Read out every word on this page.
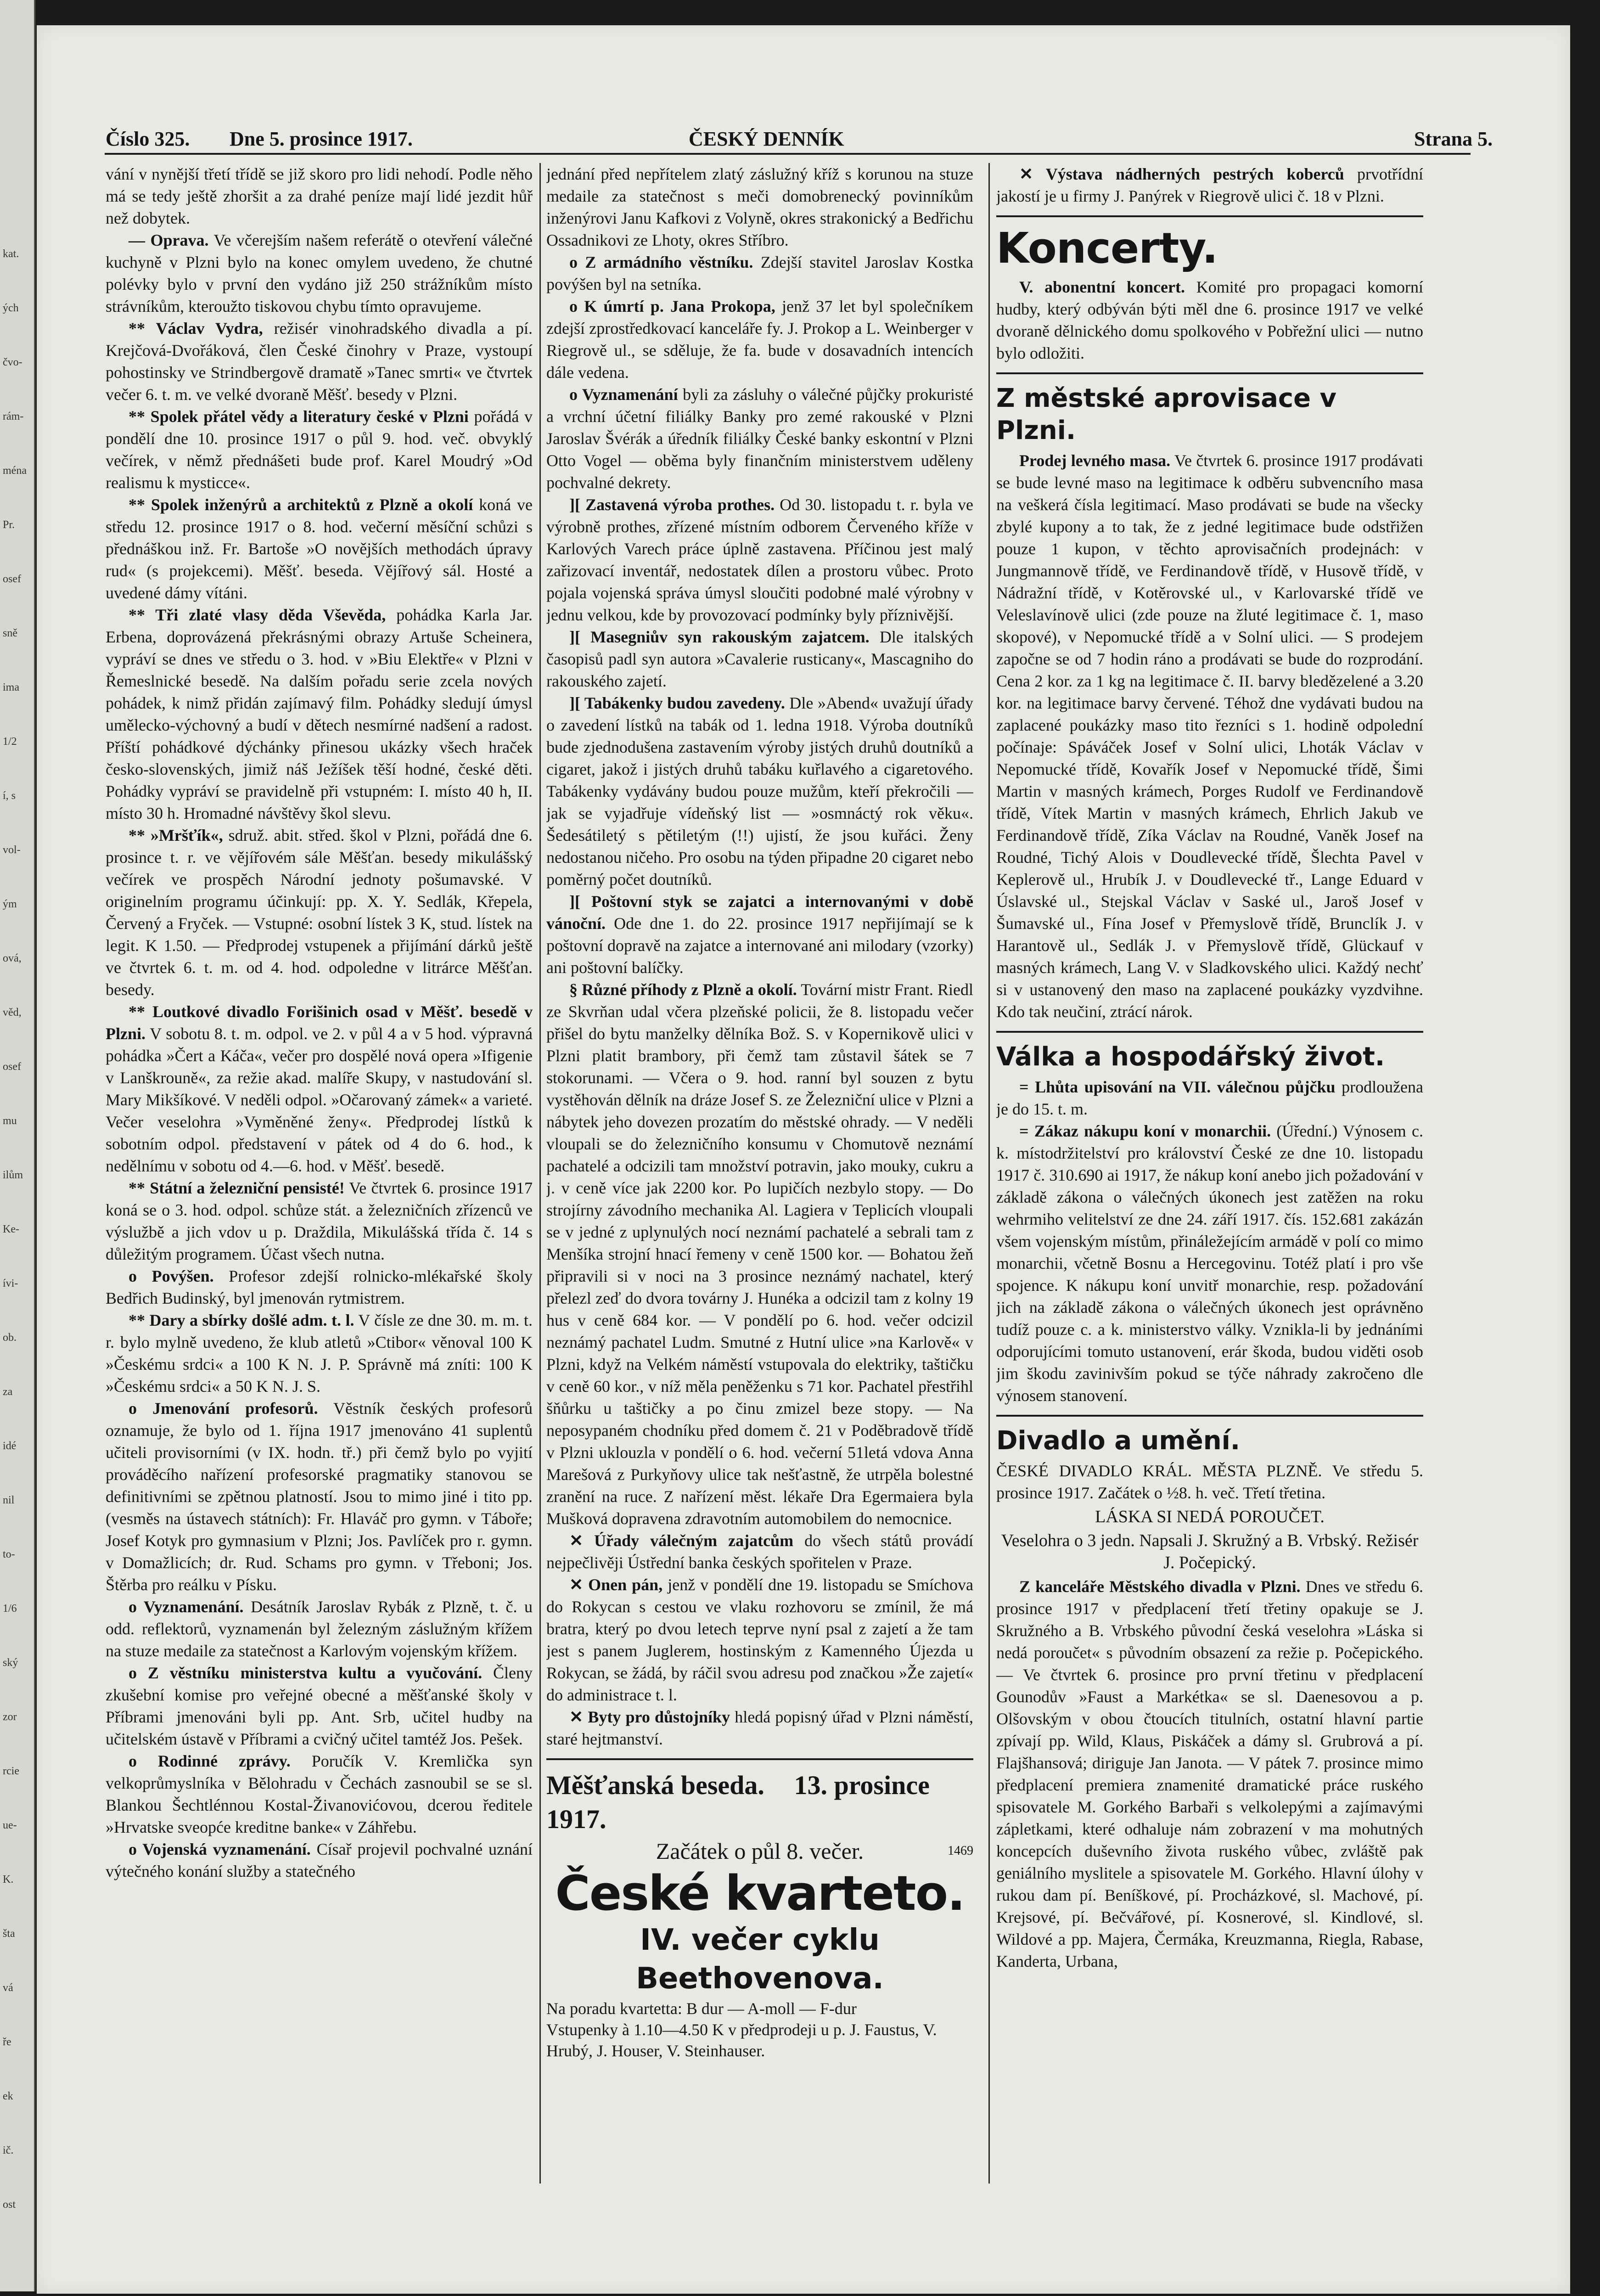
kat.
ých
čvo-
rám-
ména
Pr.
osef
sně
ima
1/2
í, s
vol-
ým
ová,
věd,
osef
mu
ilům
Ke-
ívi-
ob.
za
idé
nil
to-
1/6
ský
zor
rcie
ue-
K.
šta
vá
ře
ek
ič.
ost
Číslo 325. Dne 5. prosince 1917.	ČESKÝ DENNÍK	Strana 5.

vání v nynější třetí třídě se již skoro pro lidi nehodí. Podle něho má se tedy ještě zhoršit a za drahé peníze mají lidé jezdit hůř než dobytek.

— Oprava. Ve včerejším našem referátě o otevření válečné kuchyně v Plzni bylo na konec omylem uvedeno, že chutné polévky bylo v první den vydáno již 250 strážníkům místo strávníkům, kteroužto tiskovou chybu tímto opravujeme.

** Václav Vydra, režisér vinohradského divadla a pí. Krejčová-Dvořáková, člen České činohry v Praze, vystoupí pohostinsky ve Strindbergově dramatě »Tanec smrti« ve čtvrtek večer 6. t. m. ve velké dvoraně Měšť. besedy v Plzni.

** Spolek přátel vědy a literatury české v Plzni pořádá v pondělí dne 10. prosince 1917 o půl 9. hod. več. obvyklý večírek, v němž přednášeti bude prof. Karel Moudrý »Od realismu k mysticce«.

** Spolek inženýrů a architektů z Plzně a okolí koná ve středu 12. prosince 1917 o 8. hod. večerní měsíční schůzi s přednáškou inž. Fr. Bartoše »O novějších methodách úpravy rud« (s projekcemi). Měšť. beseda. Vějířový sál. Hosté a uvedené dámy vítáni.

** Tři zlaté vlasy děda Vševěda, pohádka Karla Jar. Erbena, doprovázená překrásnými obrazy Artuše Scheinera, vypráví se dnes ve středu o 3. hod. v »Biu Elektře« v Plzni v Řemeslnické besedě. Na dalším pořadu serie zcela nových pohádek, k nimž přidán zajímavý film. Pohádky sledují úmysl umělecko-výchovný a budí v dětech nesmírné nadšení a radost. Příští pohádkové dýchánky přinesou ukázky všech hraček česko-slovenských, jimiž náš Ježíšek těší hodné, české děti. Pohádky vypráví se pravidelně při vstupném: I. místo 40 h, II. místo 30 h. Hromadné návštěvy škol slevu.

** »Mršťík«, sdruž. abit. střed. škol v Plzni, pořádá dne 6. prosince t. r. ve vějířovém sále Měšťan. besedy mikulášský večírek ve prospěch Národní jednoty pošumavské. V originelním programu účinkují: pp. X. Y. Sedlák, Křepela, Červený a Fryček. — Vstupné: osobní lístek 3 K, stud. lístek na legit. K 1.50. — Předprodej vstupenek a přijímání dárků ještě ve čtvrtek 6. t. m. od 4. hod. odpoledne v litrárce Měšťan. besedy.

** Loutkové divadlo Forišinich osad v Měšť. besedě v Plzni. V sobotu 8. t. m. odpol. ve 2. v půl 4 a v 5 hod. výpravná pohádka »Čert a Káča«, večer pro dospělé nová opera »Ifigenie v Lanškrouně«, za režie akad. malíře Skupy, v nastudování sl. Mary Mikšíkové. V neděli odpol. »Očarovaný zámek« a varieté. Večer veselohra »Vyměněné ženy«. Předprodej lístků k sobotním odpol. představení v pátek od 4 do 6. hod., k nedělnímu v sobotu od 4.—6. hod. v Měšť. besedě.

** Státní a železniční pensisté! Ve čtvrtek 6. prosince 1917 koná se o 3. hod. odpol. schůze stát. a železničních zřízenců ve výslužbě a jich vdov u p. Draždila, Mikulášská třída č. 14 s důležitým programem. Účast všech nutna.

o Povýšen. Profesor zdejší rolnicko-mlékařské školy Bedřich Budinský, byl jmenován rytmistrem.

** Dary a sbírky došlé adm. t. l. V čísle ze dne 30. m. m. t. r. bylo mylně uvedeno, že klub atletů »Ctibor« věnoval 100 K »Českému srdci« a 100 K N. J. P. Správně má zníti: 100 K »Českému srdci« a 50 K N. J. S.

o Jmenování profesorů. Věstník českých profesorů oznamuje, že bylo od 1. října 1917 jmenováno 41 suplentů učiteli provisorními (v IX. hodn. tř.) při čemž bylo po vyjití prováděcího nařízení profesorské pragmatiky stanovou se definitivními se zpětnou platností. Jsou to mimo jiné i tito pp. (vesměs na ústavech státních): Fr. Hlaváč pro gymn. v Táboře; Josef Kotyk pro gymnasium v Plzni; Jos. Pavlíček pro r. gymn. v Domažlicích; dr. Rud. Schams pro gymn. v Třeboni; Jos. Štěrba pro reálku v Písku.

o Vyznamenání. Desátník Jaroslav Rybák z Plzně, t. č. u odd. reflektorů, vyznamenán byl železným záslužným křížem na stuze medaile za statečnost a Karlovým vojenským křížem.

o Z věstníku ministerstva kultu a vyučování. Členy zkušební komise pro veřejné obecné a měšťanské školy v Příbrami jmenováni byli pp. Ant. Srb, učitel hudby na učitelském ústavě v Příbrami a cvičný učitel tamtéž Jos. Pešek.

o Rodinné zprávy. Poručík V. Kremlička syn velkoprůmyslníka v Bělohradu v Čechách zasnoubil se se sl. Blankou Šechtlénnou Kostal-Živanovićovou, dcerou ředitele »Hrvatske sveopće kreditne banke« v Záhřebu.

o Vojenská vyznamenání. Císař projevil pochvalné uznání výtečného konání služby a statečného

jednání před nepřítelem zlatý záslužný kříž s korunou na stuze medaile za statečnost s meči domobrenecký povinníkům inženýrovi Janu Kafkovi z Volyně, okres strakonický a Bedřichu Ossadnikovi ze Lhoty, okres Stříbro.

o Z armádního věstníku. Zdejší stavitel Jaroslav Kostka povýšen byl na setníka.

o K úmrtí p. Jana Prokopa, jenž 37 let byl společníkem zdejší zprostředkovací kanceláře fy. J. Prokop a L. Weinberger v Riegrově ul., se sděluje, že fa. bude v dosavadních intencích dále vedena.

o Vyznamenání byli za zásluhy o válečné půjčky prokuristé a vrchní účetní filiálky Banky pro zemé rakouské v Plzni Jaroslav Švérák a úředník filiálky České banky eskontní v Plzni Otto Vogel — oběma byly finančním ministerstvem uděleny pochvalné dekrety.

][ Zastavená výroba prothes. Od 30. listopadu t. r. byla ve výrobně prothes, zřízené místním odborem Červeného kříže v Karlových Varech práce úplně zastavena. Příčinou jest malý zařizovací inventář, nedostatek dílen a prostoru vůbec. Proto pojala vojenská správa úmysl sloučiti podobné malé výrobny v jednu velkou, kde by provozovací podmínky byly příznivější.

][ Masegniův syn rakouským zajatcem. Dle italských časopisů padl syn autora »Cavalerie rusticany«, Mascagniho do rakouského zajetí.

][ Tabákenky budou zavedeny. Dle »Abend« uvažují úřady o zavedení lístků na tabák od 1. ledna 1918. Výroba doutníků bude zjednodušena zastavením výroby jistých druhů doutníků a cigaret, jakož i jistých druhů tabáku kuřlavého a cigaretového. Tabákenky vydávány budou pouze mužům, kteří překročili — jak se vyjadřuje vídeňský list — »osmnáctý rok věku«. Šedesátiletý s pětiletým (!!) ujistí, že jsou kuřáci. Ženy nedostanou ničeho. Pro osobu na týden připadne 20 cigaret nebo poměrný počet doutníků.

][ Poštovní styk se zajatci a internovanými v době vánoční. Ode dne 1. do 22. prosince 1917 nepřijímají se k poštovní dopravě na zajatce a internované ani milodary (vzorky) ani poštovní balíčky.

§ Různé příhody z Plzně a okolí. Tovární mistr Frant. Riedl ze Skvrňan udal včera plzeňské policii, že 8. listopadu večer přišel do bytu manželky dělníka Bož. S. v Kopernikově ulici v Plzni platit brambory, při čemž tam zůstavil šátek se 7 stokorunami. — Včera o 9. hod. ranní byl souzen z bytu vystěhován dělník na dráze Josef S. ze Železniční ulice v Plzni a nábytek jeho dovezen prozatím do městské ohrady. — V neděli vloupali se do železničního konsumu v Chomutově neznámí pachatelé a odcizili tam množství potravin, jako mouky, cukru a j. v ceně více jak 2200 kor. Po lupičích nezbylo stopy. — Do strojírny závodního mechanika Al. Lagiera v Teplicích vloupali se v jedné z uplynulých nocí neznámí pachatelé a sebrali tam z Menšíka strojní hnací řemeny v ceně 1500 kor. — Bohatou žeň připravili si v noci na 3 prosince neznámý nachatel, který přelezl zeď do dvora továrny J. Hunéka a odcizil tam z kolny 19 hus v ceně 684 kor. — V pondělí po 6. hod. večer odcizil neznámý pachatel Ludm. Smutné z Hutní ulice »na Karlově« v Plzni, když na Velkém náměstí vstupovala do elektriky, taštičku v ceně 60 kor., v níž měla peněženku s 71 kor. Pachatel přestřihl šňůrku u taštičky a po činu zmizel beze stopy. — Na neposypaném chodníku před domem č. 21 v Poděbradově třídě v Plzni uklouzla v pondělí o 6. hod. večerní 51letá vdova Anna Marešová z Purkyňovy ulice tak nešťastně, že utrpěla bolestné zranění na ruce. Z nařízení měst. lékaře Dra Egermaiera byla Mušková dopravena zdravotním automobilem do nemocnice.

✕ Úřady válečným zajatcům do všech států provádí nejpečlivěji Ústřední banka českých spořitelen v Praze.

✕ Onen pán, jenž v pondělí dne 19. listopadu se Smíchova do Rokycan s cestou ve vlaku rozhovoru se zmínil, že má bratra, který po dvou letech teprve nyní psal z zajetí a že tam jest s panem Juglerem, hostinským z Kamenného Újezda u Rokycan, se žádá, by ráčil svou adresu pod značkou »Že zajetí« do administrace t. l.

✕ Byty pro důstojníky hledá popisný úřad v Plzni náměstí, staré hejtmanství.

Měšťanská beseda. 13. prosince 1917.
Začátek o půl 8. večer.	1469
České kvarteto.
IV. večer cyklu Beethovenova.
Na poradu kvartetta: B dur — A-moll — F-dur
Vstupenky à 1.10—4.50 K v předprodeji u p. J. Faustus, V. Hrubý, J. Houser, V. Steinhauser.

✕ Výstava nádherných pestrých koberců prvotřídní jakostí je u firmy J. Panýrek v Riegrově ulici č. 18 v Plzni.

Koncerty.

V. abonentní koncert. Komité pro propagaci komorní hudby, který odbýván býti měl dne 6. prosince 1917 ve velké dvoraně dělnického domu spolkového v Pobřežní ulici — nutno bylo odložiti.

Z městské aprovisace v Plzni.

Prodej levného masa. Ve čtvrtek 6. prosince 1917 prodávati se bude levné maso na legitimace k odběru subvencního masa na veškerá čísla legitimací. Maso prodávati se bude na všecky zbylé kupony a to tak, že z jedné legitimace bude odstřižen pouze 1 kupon, v těchto aprovisačních prodejnách: v Jungmannově třídě, ve Ferdinandově třídě, v Husově třídě, v Nádražní třídě, v Kotěrovské ul., v Karlovarské třídě ve Veleslavínově ulici (zde pouze na žluté legitimace č. 1, maso skopové), v Nepomucké třídě a v Solní ulici. — S prodejem započne se od 7 hodin ráno a prodávati se bude do rozprodání. Cena 2 kor. za 1 kg na legitimace č. II. barvy bledězelené a 3.20 kor. na legitimace barvy červené. Téhož dne vydávati budou na zaplacené poukázky maso tito řezníci s 1. hodině odpolední počínaje: Spáváček Josef v Solní ulici, Lhoták Václav v Nepomucké třídě, Kovařík Josef v Nepomucké třídě, Šimi Martin v masných krámech, Porges Rudolf ve Ferdinandově třídě, Vítek Martin v masných krámech, Ehrlich Jakub ve Ferdinandově třídě, Zíka Václav na Roudné, Vaněk Josef na Roudné, Tichý Alois v Doudlevecké třídě, Šlechta Pavel v Keplerově ul., Hrubík J. v Doudlevecké tř., Lange Eduard v Úslavské ul., Stejskal Václav v Saské ul., Jaroš Josef v Šumavské ul., Fína Josef v Přemyslově třídě, Brunclík J. v Harantově ul., Sedlák J. v Přemyslově třídě, Glückauf v masných krámech, Lang V. v Sladkovského ulici. Každý nechť si v ustanovený den maso na zaplacené poukázky vyzdvihne. Kdo tak neučiní, ztrácí nárok.

Válka a hospodářský život.

= Lhůta upisování na VII. válečnou půjčku prodloužena je do 15. t. m.

= Zákaz nákupu koní v monarchii. (Úřední.) Výnosem c. k. místodržitelství pro království České ze dne 10. listopadu 1917 č. 310.690 ai 1917, že nákup koní anebo jich požadování v základě zákona o válečných úkonech jest zatěžen na roku wehrmiho velitelství ze dne 24. září 1917. čís. 152.681 zakázán všem vojenským místům, přináležejícím armádě v polí co mimo monarchii, včetně Bosnu a Hercegovinu. Totéž platí i pro vše spojence. K nákupu koní unvitř monarchie, resp. požadování jich na základě zákona o válečných úkonech jest oprávněno tudíž pouze c. a k. ministerstvo války. Vznikla-li by jednáními odporujícími tomuto ustanovení, erár škoda, budou viděti osob jim škodu zavinivším pokud se týče náhrady zakročeno dle výnosem stanovení.

Divadlo a umění.

ČESKÉ DIVADLO KRÁL. MĚSTA PLZNĚ. Ve středu 5. prosince 1917. Začátek o ½8. h. več. Třetí třetina.

LÁSKA SI NEDÁ POROUČET.
Veselohra o 3 jedn. Napsali J. Skružný a B. Vrbský. Režisér J. Počepický.

Z kanceláře Městského divadla v Plzni. Dnes ve středu 6. prosince 1917 v předplacení třetí třetiny opakuje se J. Skružného a B. Vrbského původní česká veselohra »Láska si nedá poroučet« s původním obsazení za režie p. Počepického. — Ve čtvrtek 6. prosince pro první třetinu v předplacení Gounodův »Faust a Markétka« se sl. Daenesovou a p. Olšovským v obou čtoucích titulních, ostatní hlavní partie zpívají pp. Wild, Klaus, Piskáček a dámy sl. Grubrová a pí. Flajšhansová; diriguje Jan Janota. — V pátek 7. prosince mimo předplacení premiera znamenité dramatické práce ruského spisovatele M. Gorkého Barbaři s velkolepými a zajímavými zápletkami, které odhaluje nám zobrazení v ma mohutných koncepcích duševního života ruského vůbec, zvláště pak geniálního myslitele a spisovatele M. Gorkého. Hlavní úlohy v rukou dam pí. Beníškové, pí. Procházkové, sl. Machové, pí. Krejsové, pí. Bečvářové, pí. Kosnerové, sl. Kindlové, sl. Wildové a pp. Majera, Čermáka, Kreuzmanna, Riegla, Rabase, Kanderta, Urbana,
